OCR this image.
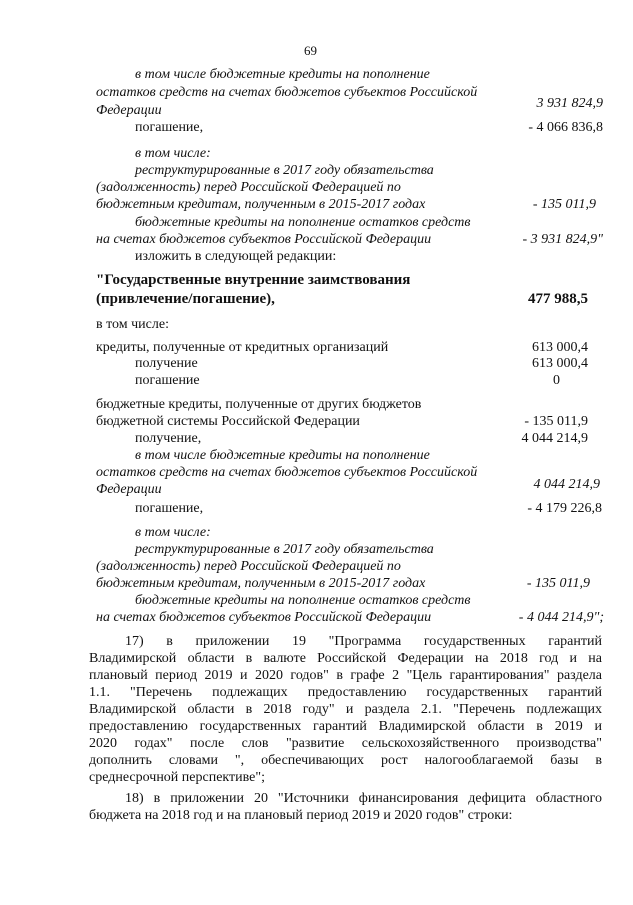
69
в том числе бюджетные кредиты на пополнение
остатков средств на счетах бюджетов субъектов Российской
Федерации	3 931 824,9
погашение,	- 4 066 836,8
в том числе:
реструктурированные в 2017 году обязательства
(задолженность) перед Российской Федерацией по
бюджетным кредитам, полученным в 2015-2017 годах	- 135 011,9
бюджетные кредиты на пополнение остатков средств
на счетах бюджетов субъектов Российской Федерации	- 3 931 824,9"
изложить в следующей редакции:
"Государственные внутренние заимствования
(привлечение/погашение),	477 988,5
в том числе:
кредиты, полученные от кредитных организаций	613 000,4
получение	613 000,4
погашение	0
бюджетные кредиты, полученные от других бюджетов
бюджетной системы Российской Федерации	- 135 011,9
получение,	4 044 214,9
в том числе бюджетные кредиты на пополнение
остатков средств на счетах бюджетов субъектов Российской
Федерации	4 044 214,9
погашение,	- 4 179 226,8
в том числе:
реструктурированные в 2017 году обязательства
(задолженность) перед Российской Федерацией по
бюджетным кредитам, полученным в 2015-2017 годах	- 135 011,9
бюджетные кредиты на пополнение остатков средств
на счетах бюджетов субъектов Российской Федерации	- 4 044 214,9";
17) в приложении 19 "Программа государственных гарантий
Владимирской области в валюте Российской Федерации на 2018 год и на
плановый период 2019 и 2020 годов" в графе 2 "Цель гарантирования" раздела
1.1. "Перечень подлежащих предоставлению государственных гарантий
Владимирской области в 2018 году" и раздела 2.1. "Перечень подлежащих
предоставлению государственных гарантий Владимирской области в 2019 и
2020 годах" после слов "развитие сельскохозяйственного производства"
дополнить словами ", обеспечивающих рост налогооблагаемой базы в
среднесрочной перспективе";
18) в приложении 20 "Источники финансирования дефицита областного
бюджета на 2018 год и на плановый период 2019 и 2020 годов" строки:
